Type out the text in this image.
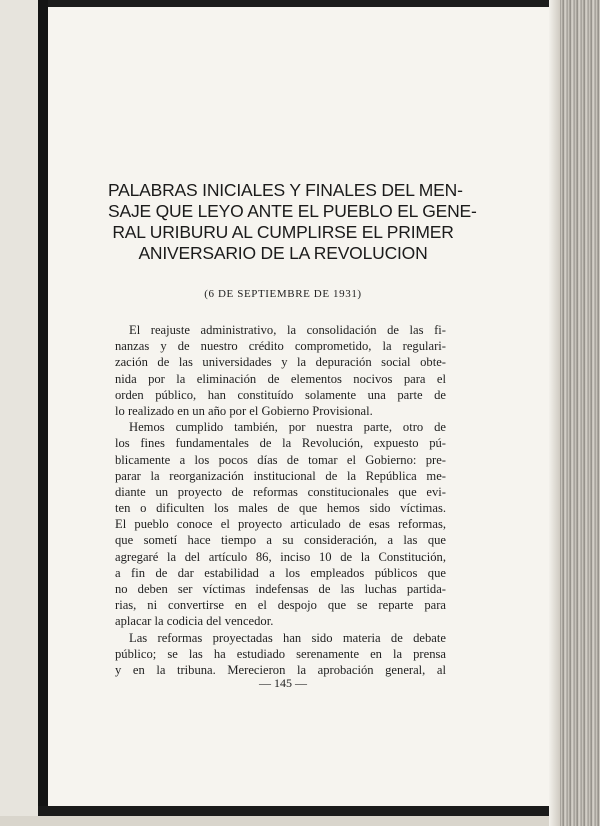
PALABRAS INICIALES Y FINALES DEL MEN-
SAJE QUE LEYO ANTE EL PUEBLO EL GENE-
RAL URIBURU AL CUMPLIRSE EL PRIMER
ANIVERSARIO DE LA REVOLUCION
(6 DE SEPTIEMBRE DE 1931)
El reajuste administrativo, la consolidación de las fi-
nanzas y de nuestro crédito comprometido, la regulari-
zación de las universidades y la depuración social obte-
nida por la eliminación de elementos nocivos para el
orden público, han constituído solamente una parte de
lo realizado en un año por el Gobierno Provisional.
Hemos cumplido también, por nuestra parte, otro de
los fines fundamentales de la Revolución, expuesto pú-
blicamente a los pocos días de tomar el Gobierno: pre-
parar la reorganización institucional de la República me-
diante un proyecto de reformas constitucionales que evi-
ten o dificulten los males de que hemos sido víctimas.
El pueblo conoce el proyecto articulado de esas reformas,
que sometí hace tiempo a su consideración, a las que
agregaré la del artículo 86, inciso 10 de la Constitución,
a fin de dar estabilidad a los empleados públicos que
no deben ser víctimas indefensas de las luchas partida-
rias, ni convertirse en el despojo que se reparte para
aplacar la codicia del vencedor.
Las reformas proyectadas han sido materia de debate
público; se las ha estudiado serenamente en la prensa
y en la tribuna. Merecieron la aprobación general, al
— 145 —
